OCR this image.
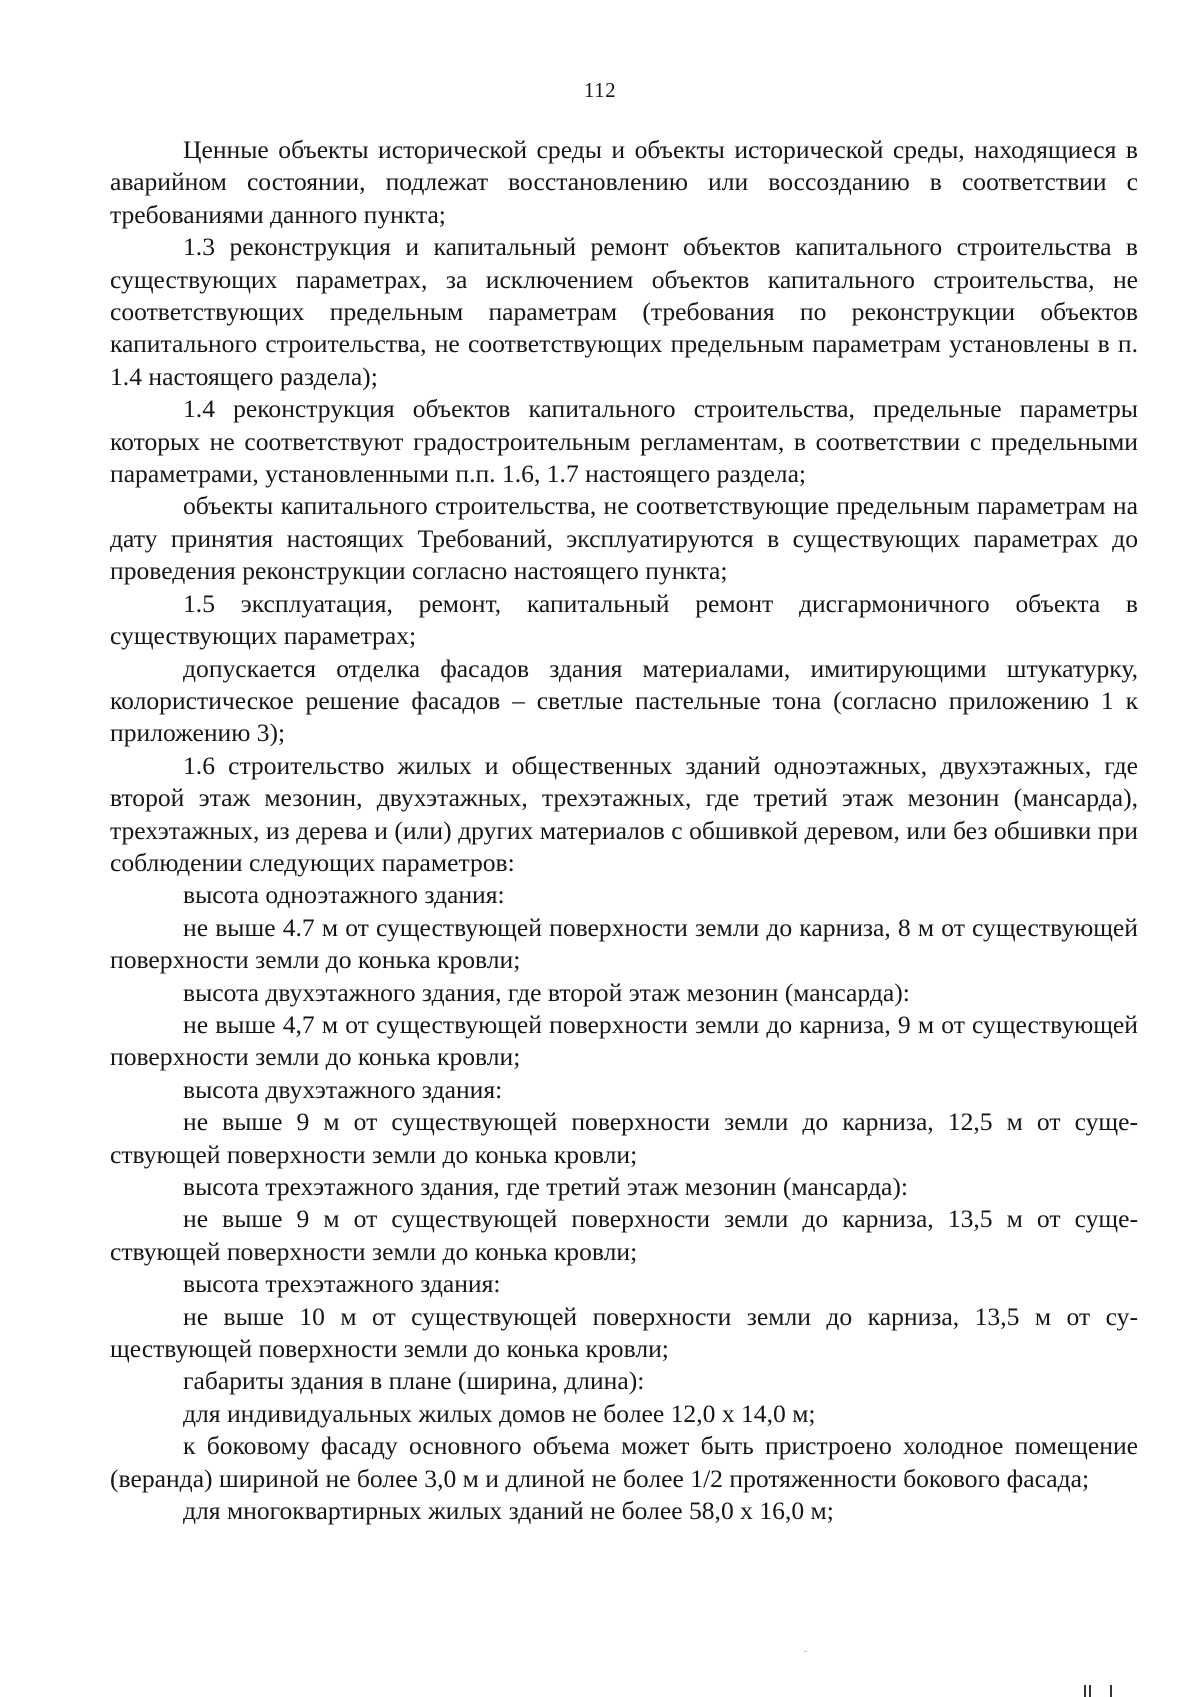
112

Ценные объекты исторической среды и объекты исторической среды, находящиеся в аварийном состоянии, подлежат восстановлению или воссозданию в соответствии с требованиями данного пункта;

1.3 реконструкция и капитальный ремонт объектов капитального строительства в существующих параметрах, за исключением объектов капитального строительства, не соответствующих предельным параметрам (требования по реконструкции объектов капитального строительства, не соответствующих предельным параметрам установлены в п. 1.4 настоящего раздела);

1.4 реконструкция объектов капитального строительства, предельные параметры которых не соответствуют градостроительным регламентам, в соответствии с предельными параметрами, установленными п.п. 1.6, 1.7 настоящего раздела;

объекты капитального строительства, не соответствующие предельным параметрам на дату принятия настоящих Требований, эксплуатируются в существующих параметрах до проведения реконструкции согласно настоящего пункта;

1.5 эксплуатация, ремонт, капитальный ремонт дисгармоничного объекта в существующих параметрах;

допускается отделка фасадов здания материалами, имитирующими штукатурку, колористическое решение фасадов – светлые пастельные тона (согласно приложению 1 к приложению 3);

1.6 строительство жилых и общественных зданий одноэтажных, двухэтажных, где второй этаж мезонин, двухэтажных, трехэтажных, где третий этаж мезонин (мансарда), трехэтажных, из дерева и (или) других материалов с обшивкой деревом, или без обшивки при соблюдении следующих параметров:

высота одноэтажного здания:

не выше 4.7 м от существующей поверхности земли до карниза, 8 м от существующей поверхности земли до конька кровли;

высота двухэтажного здания, где второй этаж мезонин (мансарда):

не выше 4,7 м от существующей поверхности земли до карниза, 9 м от существующей поверхности земли до конька кровли;

высота двухэтажного здания:

не выше 9 м от существующей поверхности земли до карниза, 12,5 м от существующей поверхности земли до конька кровли;

высота трехэтажного здания, где третий этаж мезонин (мансарда):

не выше 9 м от существующей поверхности земли до карниза, 13,5 м от существующей поверхности земли до конька кровли;

высота трехэтажного здания:

не выше 10 м от существующей поверхности земли до карниза, 13,5 м от существующей поверхности земли до конька кровли;

габариты здания в плане (ширина, длина):

для индивидуальных жилых домов не более 12,0 х 14,0 м;

к боковому фасаду основного объема может быть пристроено холодное помещение (веранда) шириной не более 3,0 м и длиной не более 1/2 протяженности бокового фасада;

для многоквартирных жилых зданий не более 58,0 х 16,0 м;
